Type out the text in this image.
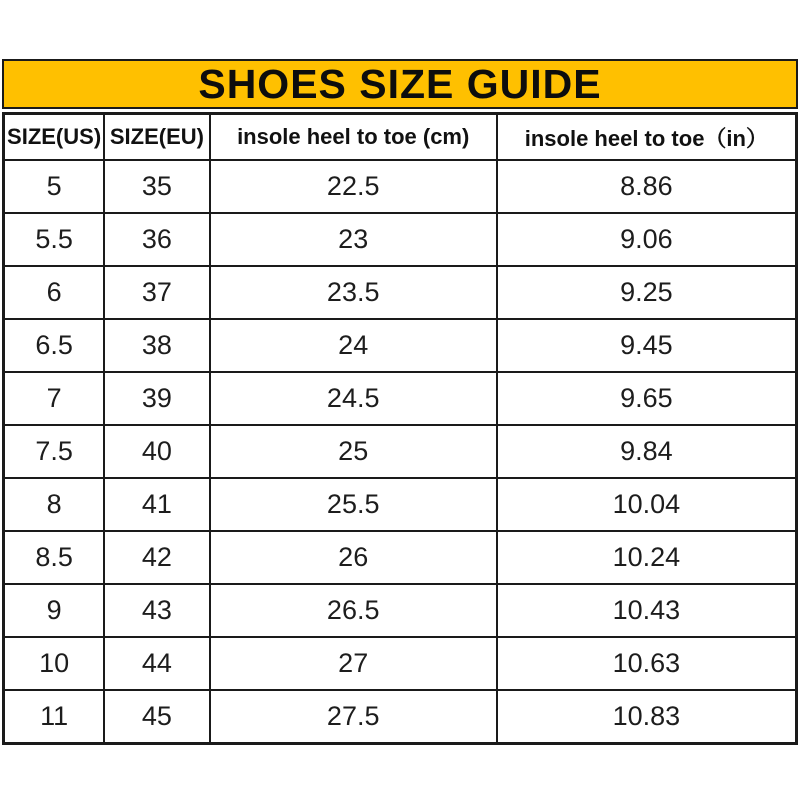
SHOES SIZE GUIDE
SIZE(US)	SIZE(EU)	insole heel to toe (cm)	insole heel to toe（in）
5	35	22.5	8.86
5.5	36	23	9.06
6	37	23.5	9.25
6.5	38	24	9.45
7	39	24.5	9.65
7.5	40	25	9.84
8	41	25.5	10.04
8.5	42	26	10.24
9	43	26.5	10.43
10	44	27	10.63
11	45	27.5	10.83
